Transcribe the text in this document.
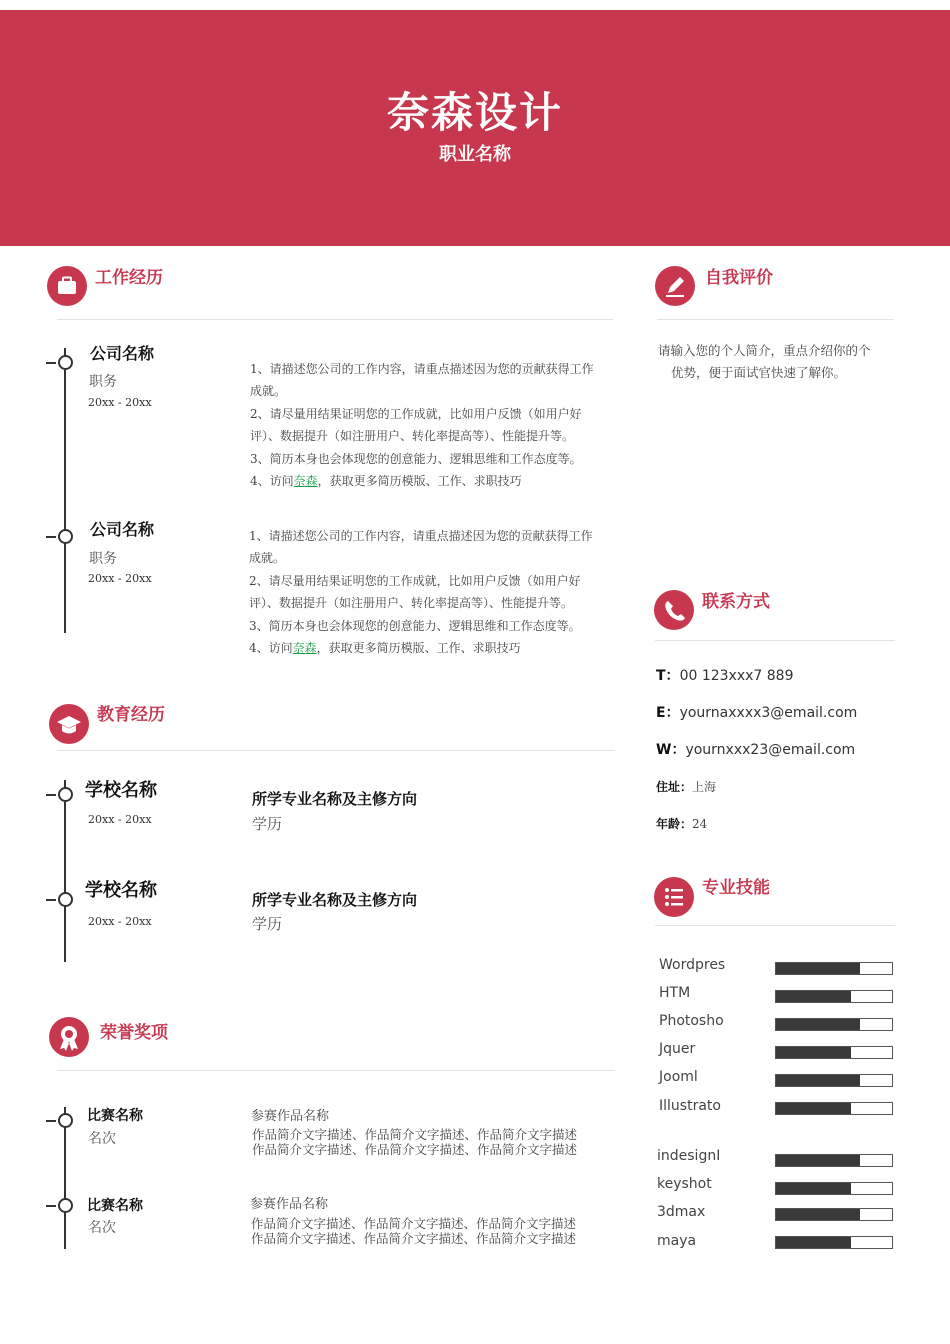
奈森设计
职业名称
工作经历
公司名称
职务
20xx - 20xx
1、请描述您公司的工作内容，请重点描述因为您的贡献获得工作
成就。
2、请尽量用结果证明您的工作成就，比如用户反馈（如用户好
评）、数据提升（如注册用户、转化率提高等）、性能提升等。
3、简历本身也会体现您的创意能力、逻辑思维和工作态度等。
4、访问奈森，获取更多简历模版、工作、求职技巧
公司名称
职务
20xx - 20xx
1、请描述您公司的工作内容，请重点描述因为您的贡献获得工作
成就。
2、请尽量用结果证明您的工作成就，比如用户反馈（如用户好
评）、数据提升（如注册用户、转化率提高等）、性能提升等。
3、简历本身也会体现您的创意能力、逻辑思维和工作态度等。
4、访问奈森，获取更多简历模版、工作、求职技巧
教育经历
学校名称
20xx - 20xx
所学专业名称及主修方向
学历
学校名称
20xx - 20xx
所学专业名称及主修方向
学历
荣誉奖项
比赛名称
名次
参赛作品名称
作品简介文字描述、作品简介文字描述、作品简介文字描述
作品简介文字描述、作品简介文字描述、作品简介文字描述
比赛名称
名次
参赛作品名称
作品简介文字描述、作品简介文字描述、作品简介文字描述
作品简介文字描述、作品简介文字描述、作品简介文字描述
自我评价
请输入您的个人简介，重点介绍你的个
优势，便于面试官快速了解你。
联系方式
T：00 123xxx7 889
E：yournaxxxx3@email.com
W：yournxxx23@email.com
住址：上海
年龄：24
专业技能
Wordpres
HTM
Photosho
Jquer
Jooml
Illustrato
indesignI
keyshot
3dmax
maya
